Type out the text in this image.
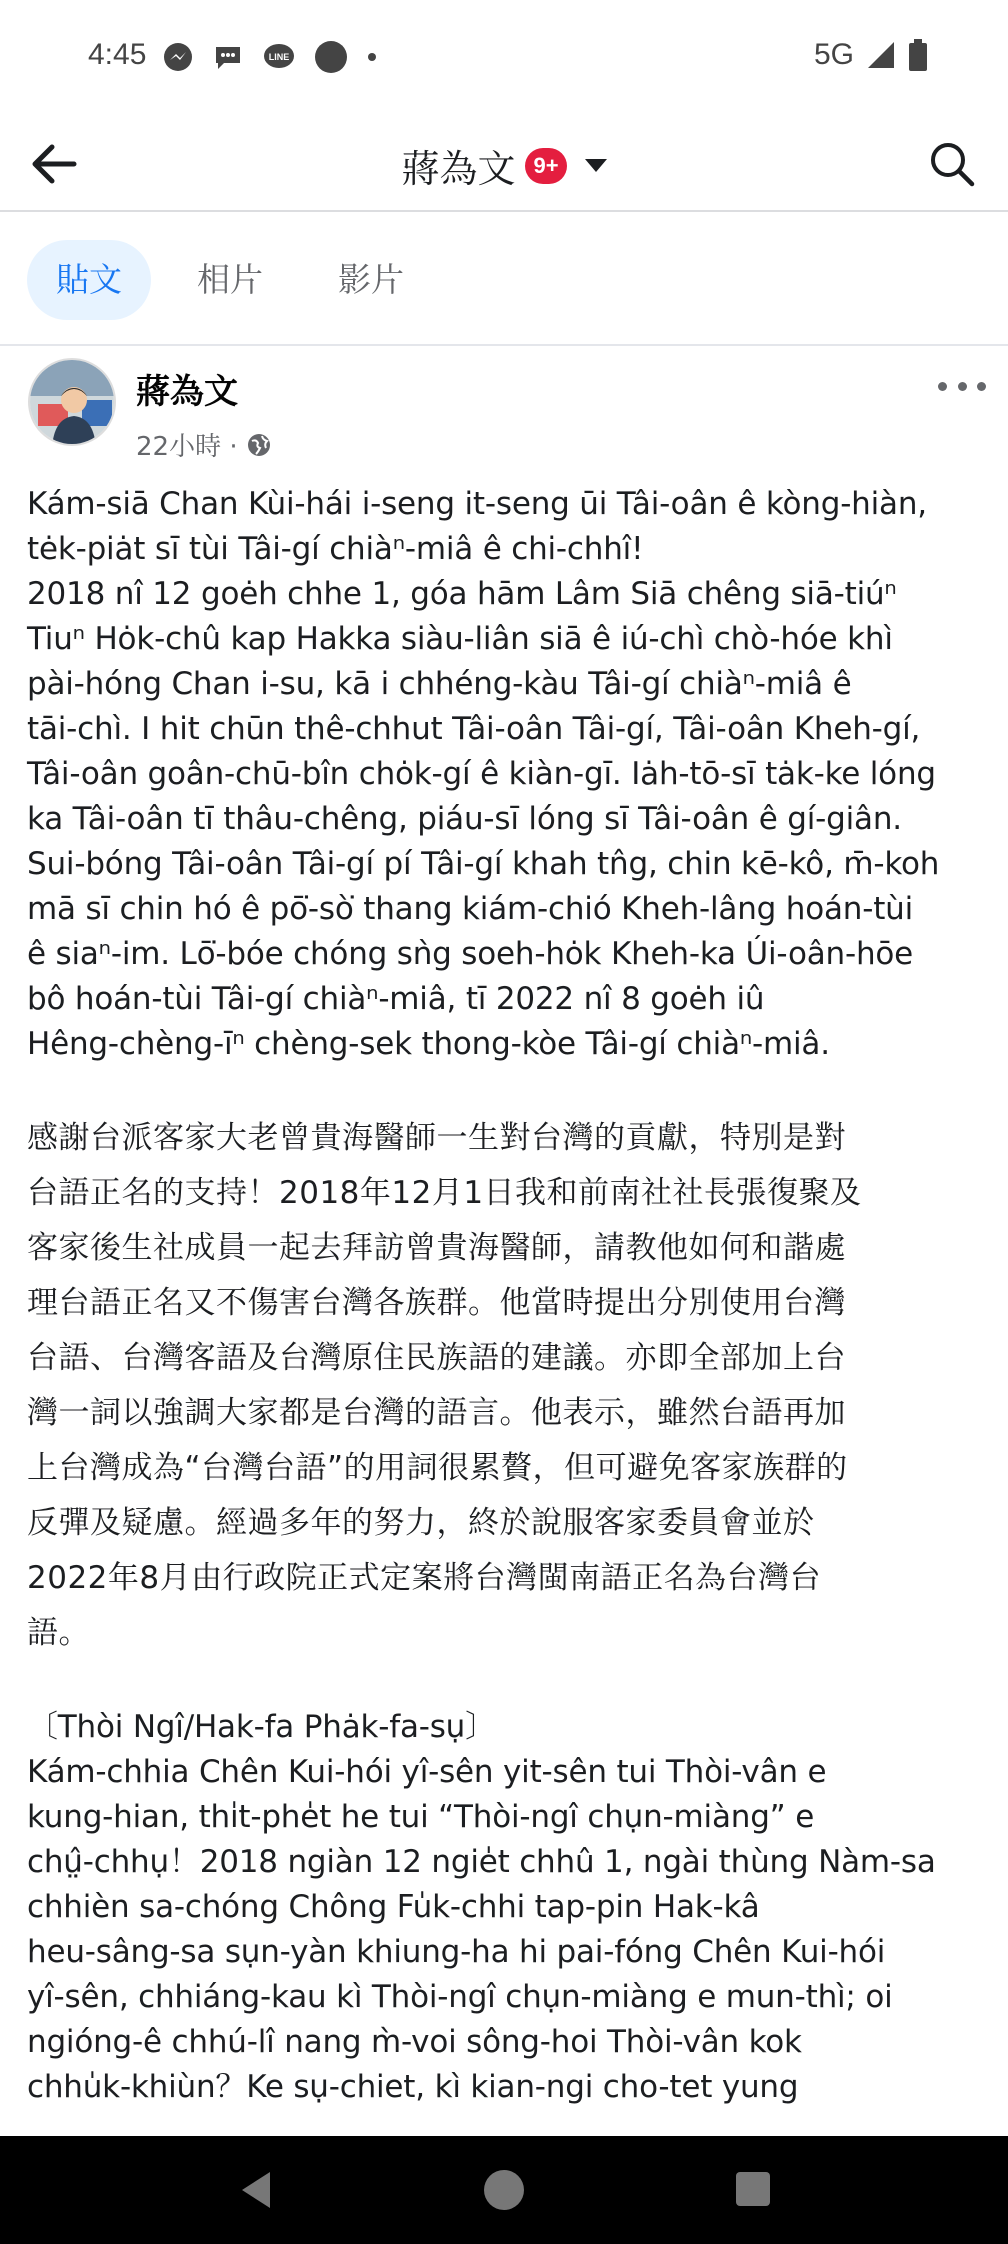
4:45	LINE	5G
蔣為文 9+
貼文	相片	影片
蔣為文
22小時 ·
Kám-siā Chan Kùi-hái i-seng it-seng ūi Tâi-oân ê kòng-hiàn,
tėk-piȧt sī tùi Tâi-gí chiàⁿ-miâ ê chi-chhî!
2018 nî 12 goėh chhe 1, góa hām Lâm Siā chêng siā-tiúⁿ
Tiuⁿ Hȯk-chû kap Hakka siàu-liân siā ê iú-chì chò-hóe khì
pài-hóng Chan i-su, kā i chhéng-kàu Tâi-gí chiàⁿ-miâ ê
tāi-chì. I hit chūn thê-chhut Tâi-oân Tâi-gí, Tâi-oân Kheh-gí,
Tâi-oân goân-chū-bîn chȯk-gí ê kiàn-gī. Iȧh-tō-sī tȧk-ke lóng
ka Tâi-oân tī thâu-chêng, piáu-sī lóng sī Tâi-oân ê gí-giân.
Sui-bóng Tâi-oân Tâi-gí pí Tâi-gí khah tn̂g, chin kē-kô, m̄-koh
mā sī chin hó ê pō͘-sò͘ thang kiám-chió Kheh-lâng hoán-tùi
ê siaⁿ-im. Lō͘-bóe chóng sǹg soeh-hȯk Kheh-ka Úi-oân-hōe
bô hoán-tùi Tâi-gí chiàⁿ-miâ, tī 2022 nî 8 goėh iû
Hêng-chèng-īⁿ chèng-sek thong-kòe Tâi-gí chiàⁿ-miâ.
感謝台派客家大老曾貴海醫師一生對台灣的貢獻，特別是對
台語正名的支持！2018年12月1日我和前南社社長張復聚及
客家後生社成員一起去拜訪曾貴海醫師，請教他如何和諧處
理台語正名又不傷害台灣各族群。他當時提出分別使用台灣
台語、台灣客語及台灣原住民族語的建議。亦即全部加上台
灣一詞以強調大家都是台灣的語言。他表示，雖然台語再加
上台灣成為“台灣台語”的用詞很累贅，但可避免客家族群的
反彈及疑慮。經過多年的努力，終於說服客家委員會並於
2022年8月由行政院正式定案將台灣閩南語正名為台灣台
語。
〔Thòi Ngî/Hak-fa Phȧk-fa-sụ〕
Kám-chhia Chên Kui-hói yî-sên yit-sên tui Thòi-vân e
kung-hian, thi̍t-phe̍t he tui “Thòi-ngî chụn-miàng” e
chṳ̂-chhụ！2018 ngiàn 12 ngie̍t chhû 1, ngài thùng Nàm-sa
chhièn sa-chóng Chông Fu̍k-chhi tap-pin Hak-kâ
heu-sâng-sa sụn-yàn khiung-ha hi pai-fóng Chên Kui-hói
yî-sên, chhiáng-kau kì Thòi-ngî chụn-miàng e mun-thì; oi
ngióng-ê chhú-lî nang m̀-voi sông-hoi Thòi-vân kok
chhu̍k-khiùn？Ke sụ-chiet, kì kian-ngi cho-tet yung
